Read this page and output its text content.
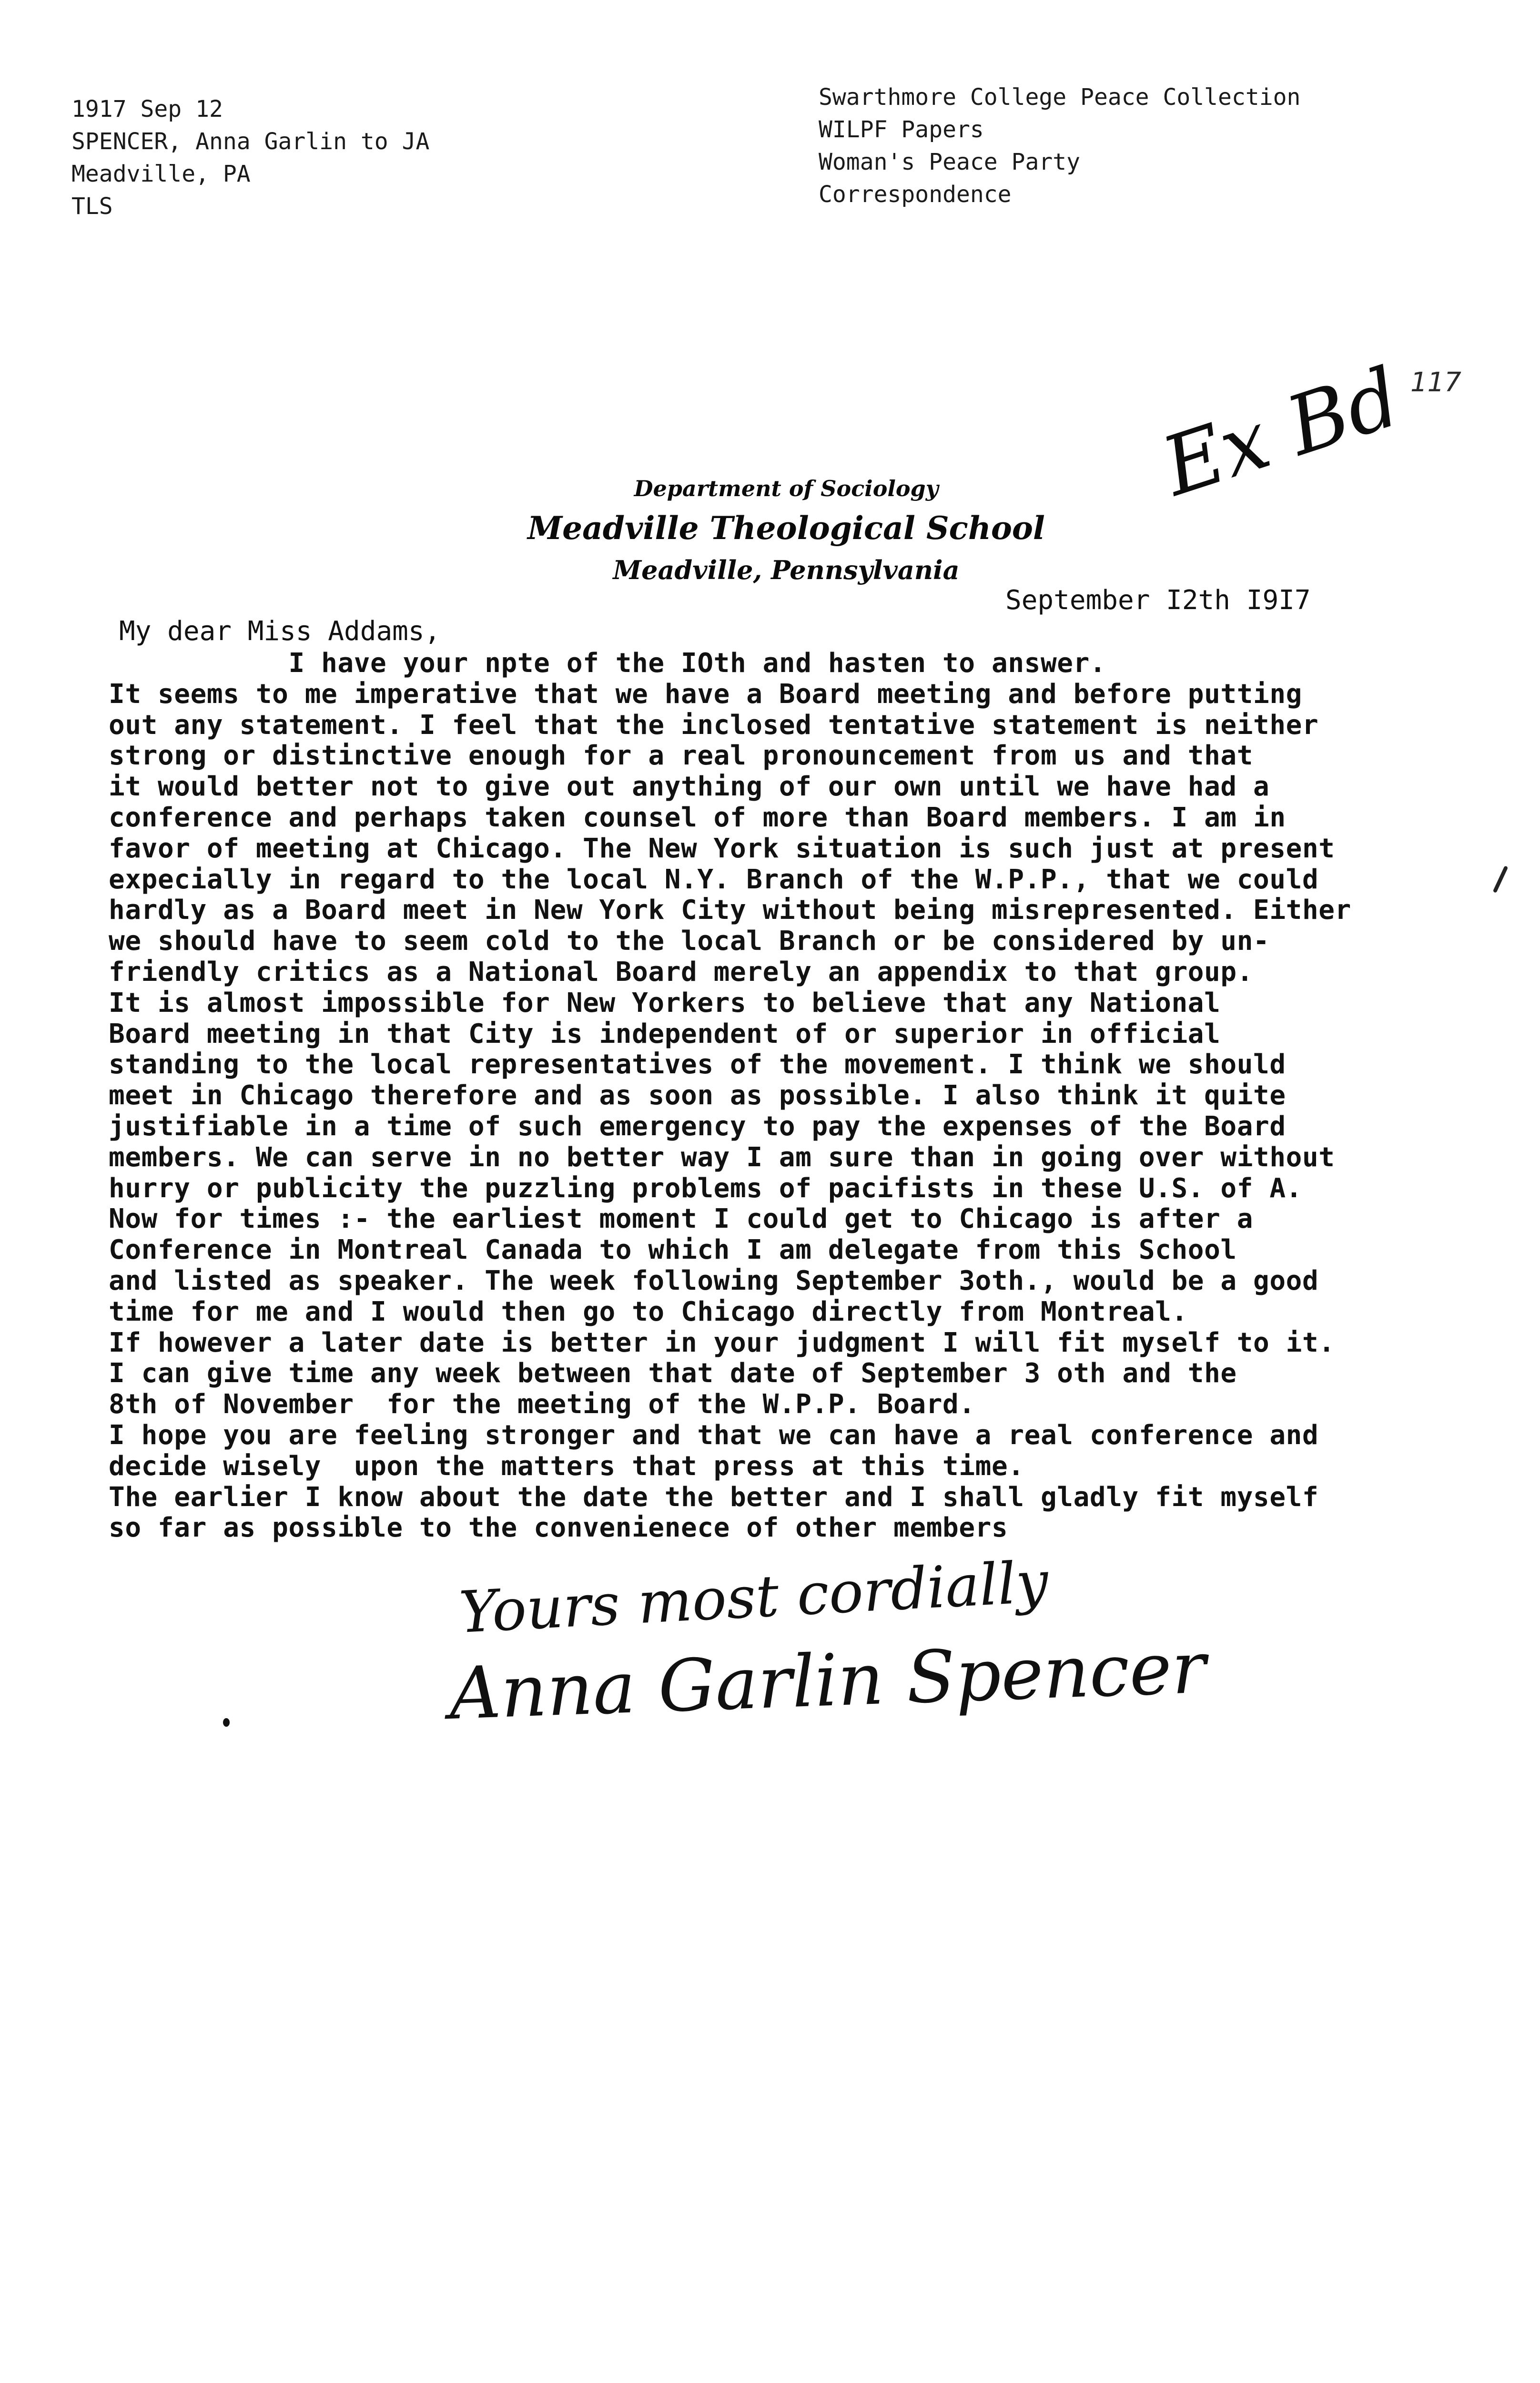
1917 Sep 12
SPENCER, Anna Garlin to JA
Meadville, PA
TLS
Swarthmore College Peace Collection
WILPF Papers
Woman's Peace Party
Correspondence
117
Ex Bd
Department of Sociology
Meadville Theological School
Meadville, Pennsylvania
September I2th I9I7
My dear Miss Addams,
I have your npte of the IOth and hasten to answer.
It seems to me imperative that we have a Board meeting and before putting
out any statement. I feel that the inclosed tentative statement is neither
strong or distinctive enough for a real pronouncement from us and that
it would better not to give out anything of our own until we have had a
conference and perhaps taken counsel of more than Board members. I am in
favor of meeting at Chicago. The New York situation is such just at present
expecially in regard to the local N.Y. Branch of the W.P.P., that we could
hardly as a Board meet in New York City without being misrepresented. Either
we should have to seem cold to the local Branch or be considered by un-
friendly critics as a National Board merely an appendix to that group.
It is almost impossible for New Yorkers to believe that any National
Board meeting in that City is independent of or superior in official
standing to the local representatives of the movement. I think we should
meet in Chicago therefore and as soon as possible. I also think it quite
justifiable in a time of such emergency to pay the expenses of the Board
members. We can serve in no better way I am sure than in going over without
hurry or publicity the puzzling problems of pacifists in these U.S. of A.
Now for times :- the earliest moment I could get to Chicago is after a
Conference in Montreal Canada to which I am delegate from this School
and listed as speaker. The week following September 3oth., would be a good
time for me and I would then go to Chicago directly from Montreal.
If however a later date is better in your judgment I will fit myself to it.
I can give time any week between that date of September 3 oth and the
8th of November  for the meeting of the W.P.P. Board.
I hope you are feeling stronger and that we can have a real conference and
decide wisely  upon the matters that press at this time.
The earlier I know about the date the better and I shall gladly fit myself
so far as possible to the convenienece of other members
Yours most cordially
Anna Garlin Spencer
